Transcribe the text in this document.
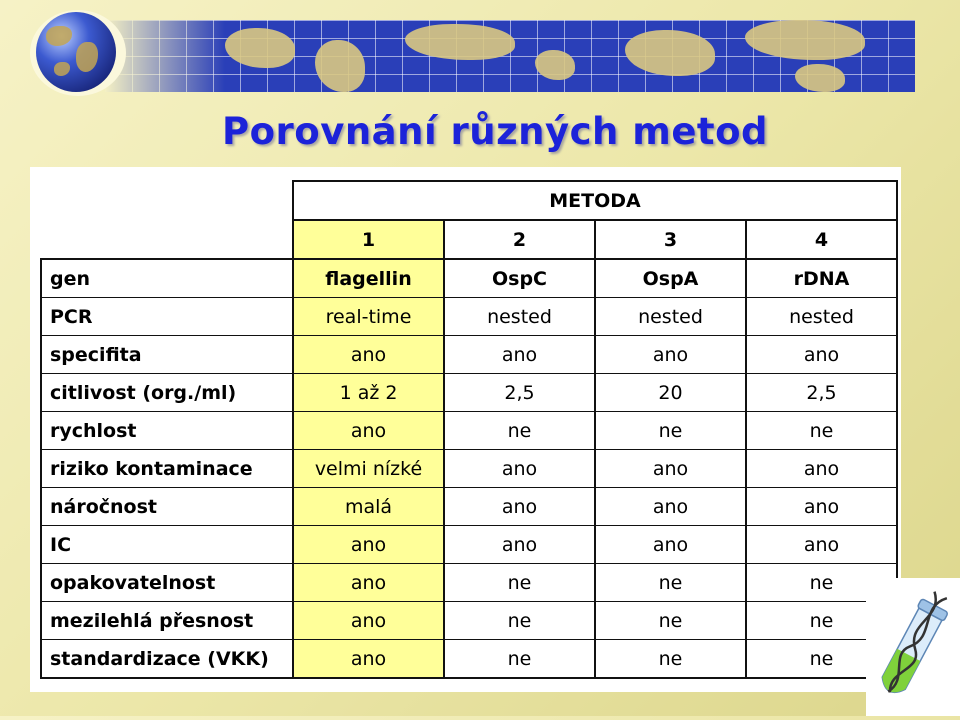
Porovnání různých metod
	METODA			
	1	2	3	4
gen	flagellin	OspC	OspA	rDNA
PCR	real-time	nested	nested	nested
specifita	ano	ano	ano	ano
citlivost (org./ml)	1 až 2	2,5	20	2,5
rychlost	ano	ne	ne	ne
riziko kontaminace	velmi nízké	ano	ano	ano
náročnost	malá	ano	ano	ano
IC	ano	ano	ano	ano
opakovatelnost	ano	ne	ne	ne
mezilehlá přesnost	ano	ne	ne	ne
standardizace (VKK)	ano	ne	ne	ne
